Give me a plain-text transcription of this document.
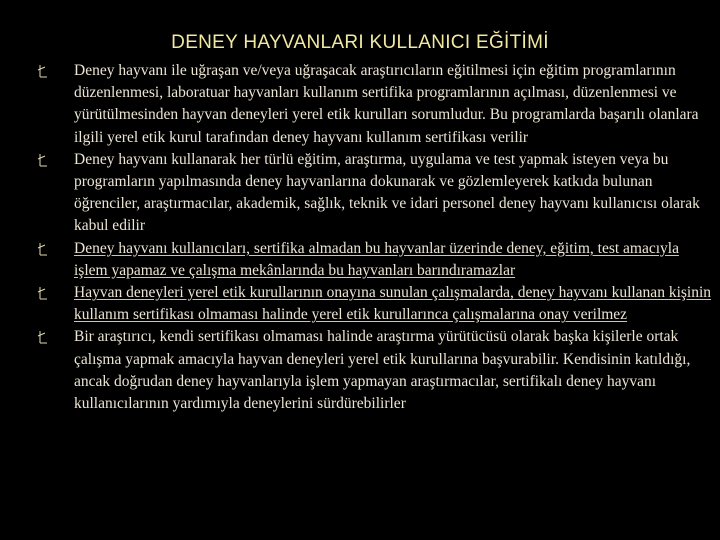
DENEY HAYVANLARI KULLANICI EĞİTİMİ
Deney hayvanı ile uğraşan ve/veya uğraşacak araştırıcıların eğitilmesi için eğitim programlarının düzenlenmesi, laboratuar hayvanları kullanım sertifika programlarının açılması, düzenlenmesi ve yürütülmesinden hayvan deneyleri yerel etik kurulları sorumludur. Bu programlarda başarılı olanlara ilgili yerel etik kurul tarafından deney hayvanı kullanım sertifikası verilir
Deney hayvanı kullanarak her türlü eğitim, araştırma, uygulama ve test yapmak isteyen veya bu programların yapılmasında deney hayvanlarına dokunarak ve gözlemleyerek katkıda bulunan öğrenciler, araştırmacılar, akademik, sağlık, teknik ve idari personel deney hayvanı kullanıcısı olarak kabul edilir
Deney hayvanı kullanıcıları, sertifika almadan bu hayvanlar üzerinde deney, eğitim, test amacıyla işlem yapamaz ve çalışma mekânlarında bu hayvanları barındıramazlar
Hayvan deneyleri yerel etik kurullarının onayına sunulan çalışmalarda, deney hayvanı kullanan kişinin kullanım sertifikası olmaması halinde yerel etik kurullarınca çalışmalarına onay verilmez
Bir araştırıcı, kendi sertifikası olmaması halinde araştırma yürütücüsü olarak başka kişilerle ortak çalışma yapmak amacıyla hayvan deneyleri yerel etik kurullarına başvurabilir. Kendisinin katıldığı, ancak doğrudan deney hayvanlarıyla işlem yapmayan araştırmacılar, sertifikalı deney hayvanı kullanıcılarının yardımıyla deneylerini sürdürebilirler
